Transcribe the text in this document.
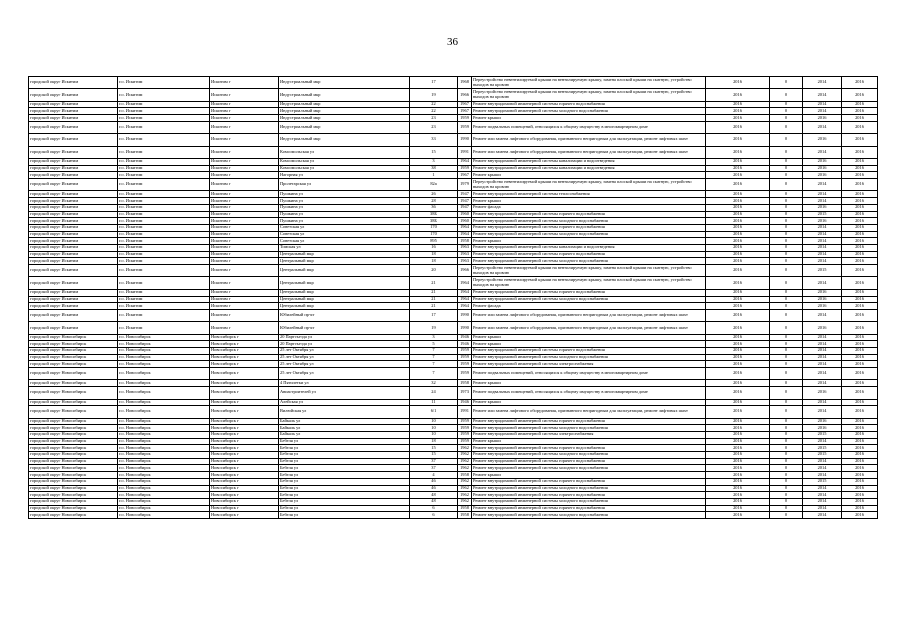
36
городской округ Искитим	г.о. Искитим	Искитим г	Индустриальный мкр	17	1968	Переустройство невентилируемой крыши на вентилируемую крышу, замена плоской крыши на скатную, устройство выходов на кровлю	2016	0	2014	2016
городской округ Искитим	г.о. Искитим	Искитим г	Индустриальный мкр	19	1966	Переустройство невентилируемой крыши на вентилируемую крышу, замена плоской крыши на скатную, устройство выходов на кровлю	2016	0	2014	2016
городской округ Искитим	г.о. Искитим	Искитим г	Индустриальный мкр	22	1967	Ремонт внутридомовой инженерной системы горячего водоснабжения	2016	0	2014	2016
городской округ Искитим	г.о. Искитим	Искитим г	Индустриальный мкр	22	1967	Ремонт внутридомовой инженерной системы холодного водоснабжения	2016	0	2014	2016
городской округ Искитим	г.о. Искитим	Искитим г	Индустриальный мкр	23	1959	Ремонт крыши	2016	0	2016	2016
городской округ Искитим	г.о. Искитим	Искитим г	Индустриальный мкр	23	1959	Ремонт подвальных помещений, относящихся к общему имуществу в многоквартирном доме	2016	0	2014	2016
городской округ Искитим	г.о. Искитим	Искитим г	Индустриальный мкр	33	1990	Ремонт или замена лифтового оборудования, признанного непригодным для эксплуатации, ремонт лифтовых шахт	2016	0	2016	2016
городской округ Искитим	г.о. Искитим	Искитим г	Комсомольская ул	15	1991	Ремонт или замена лифтового оборудования, признанного непригодным для эксплуатации, ремонт лифтовых шахт	2016	0	2014	2016
городской округ Искитим	г.о. Искитим	Искитим г	Комсомольская ул	3	1964	Ремонт внутридомовой инженерной системы канализации и водоотведения	2016	0	2016	2016
городской округ Искитим	г.о. Искитим	Искитим г	Комсомольская ул	38	1959	Ремонт внутридомовой инженерной системы канализации и водоотведения	2016	0	2016	2016
городской округ Искитим	г.о. Искитим	Искитим г	Нагорная ул	1	1967	Ремонт крыши	2016	0	2016	2016
городской округ Искитим	г.о. Искитим	Искитим г	Пролетарская ул	82а	1979	Переустройство невентилируемой крыши на вентилируемую крышу, замена плоской крыши на скатную, устройство выходов на кровлю	2016	0	2014	2016
городской округ Искитим	г.о. Искитим	Искитим г	Пушкина ул	26	1947	Ремонт внутридомовой инженерной системы теплоснабжения	2016	0	2014	2016
городской округ Искитим	г.о. Искитим	Искитим г	Пушкина ул	28	1947	Ремонт крыши	2016	0	2014	2016
городской округ Искитим	г.о. Искитим	Искитим г	Пушкина ул	36	1947	Ремонт фасада	2016	0	2016	2016
городской округ Искитим	г.о. Искитим	Искитим г	Пушкина ул	38Б	1960	Ремонт внутридомовой инженерной системы горячего водоснабжения	2016	0	2015	2016
городской округ Искитим	г.о. Искитим	Искитим г	Пушкина ул	38Б	1960	Ремонт внутридомовой инженерной системы холодного водоснабжения	2016	0	2016	2016
городской округ Искитим	г.о. Искитим	Искитим г	Советская ул	170	1964	Ремонт внутридомовой инженерной системы горячего водоснабжения	2016	0	2014	2016
городской округ Искитим	г.о. Искитим	Искитим г	Советская ул	170	1964	Ремонт внутридомовой инженерной системы холодного водоснабжения	2016	0	2014	2016
городской округ Искитим	г.о. Искитим	Искитим г	Советская ул	895	1958	Ремонт крыши	2016	0	2014	2016
городской округ Искитим	г.о. Искитим	Искитим г	Томская ул	16	1963	Ремонт внутридомовой инженерной системы канализации и водоотведения	2016	0	2014	2016
городской округ Искитим	г.о. Искитим	Искитим г	Центральный мкр	18	1963	Ремонт внутридомовой инженерной системы горячего водоснабжения	2016	0	2014	2016
городской округ Искитим	г.о. Искитим	Искитим г	Центральный мкр	18	1963	Ремонт внутридомовой инженерной системы холодного водоснабжения	2016	0	2014	2016
городской округ Искитим	г.о. Искитим	Искитим г	Центральный мкр	20	1966	Переустройство невентилируемой крыши на вентилируемую крышу, замена плоской крыши на скатную, устройство выходов на кровлю	2016	0	2015	2016
городской округ Искитим	г.о. Искитим	Искитим г	Центральный мкр	21	1964	Переустройство невентилируемой крыши на вентилируемую крышу, замена плоской крыши на скатную, устройство выходов на кровлю	2016	0	2014	2016
городской округ Искитим	г.о. Искитим	Искитим г	Центральный мкр	21	1964	Ремонт внутридомовой инженерной системы горячего водоснабжения	2016	0	2016	2016
городской округ Искитим	г.о. Искитим	Искитим г	Центральный мкр	21	1964	Ремонт внутридомовой инженерной системы холодного водоснабжения	2016	0	2016	2016
городской округ Искитим	г.о. Искитим	Искитим г	Центральный мкр	21	1964	Ремонт фасада	2016	0	2016	2016
городской округ Искитим	г.о. Искитим	Искитим г	Юбилейный пр-кт	17	1990	Ремонт или замена лифтового оборудования, признанного непригодным для эксплуатации, ремонт лифтовых шахт	2016	0	2014	2016
городской округ Искитим	г.о. Искитим	Искитим г	Юбилейный пр-кт	19	1990	Ремонт или замена лифтового оборудования, признанного непригодным для эксплуатации, ремонт лифтовых шахт	2016	0	2016	2016
городской округ Новосибирск	г.о. Новосибирск	Новосибирск г	20 Партсъезда ул	3	1946	Ремонт крыши	2016	0	2014	2016
городской округ Новосибирск	г.о. Новосибирск	Новосибирск г	20 Партсъезда ул	5	1946	Ремонт крыши	2016	0	2014	2016
городской округ Новосибирск	г.о. Новосибирск	Новосибирск г	25 лет Октября ул	7	1959	Ремонт внутридомовой инженерной системы горячего водоснабжения	2016	0	2014	2016
городской округ Новосибирск	г.о. Новосибирск	Новосибирск г	25 лет Октября ул	7	1959	Ремонт внутридомовой инженерной системы холодного водоснабжения	2016	0	2014	2016
городской округ Новосибирск	г.о. Новосибирск	Новосибирск г	25 лет Октября ул	7	1959	Ремонт внутридомовой инженерной системы электроснабжения	2016	0	2014	2016
городской округ Новосибирск	г.о. Новосибирск	Новосибирск г	25 лет Октября ул	7	1959	Ремонт подвальных помещений, относящихся к общему имуществу в многоквартирном доме	2016	0	2014	2016
городской округ Новосибирск	г.о. Новосибирск	Новосибирск г	4 Пятилетки ул	32	1958	Ремонт крыши	2016	0	2014	2016
городской округ Новосибирск	г.о. Новосибирск	Новосибирск г	Авиастроителей ул	24	1973	Ремонт подвальных помещений, относящихся к общему имуществу в многоквартирном доме	2016	0	2016	2016
городской округ Новосибирск	г.о. Новосибирск	Новосибирск г	Алейская ул	11	1946	Ремонт крыши	2016	0	2014	2016
городской округ Новосибирск	г.о. Новосибирск	Новосибирск г	Вилюйская ул	6/1	1991	Ремонт или замена лифтового оборудования, признанного непригодным для эксплуатации, ремонт лифтовых шахт	2016	0	2014	2016
городской округ Новосибирск	г.о. Новосибирск	Новосибирск г	Байкаль ул	10	1959	Ремонт внутридомовой инженерной системы горячего водоснабжения	2016	0	2016	2016
городской округ Новосибирск	г.о. Новосибирск	Новосибирск г	Байкаль ул	10	1959	Ремонт внутридомовой инженерной системы холодного водоснабжения	2016	0	2016	2016
городской округ Новосибирск	г.о. Новосибирск	Новосибирск г	Байкаль ул	10	1959	Ремонт внутридомовой инженерной системы электроснабжения	2016	0	2015	2016
городской округ Новосибирск	г.о. Новосибирск	Новосибирск г	Бебеля ул	18	1959	Ремонт крыши	2016	0	2014	2016
городской округ Новосибирск	г.о. Новосибирск	Новосибирск г	Бебеля ул	15	1962	Ремонт внутридомовой инженерной системы горячего водоснабжения	2016	0	2015	2016
городской округ Новосибирск	г.о. Новосибирск	Новосибирск г	Бебеля ул	15	1962	Ремонт внутридомовой инженерной системы холодного водоснабжения	2016	0	2015	2016
городской округ Новосибирск	г.о. Новосибирск	Новосибирск г	Бебеля ул	37	1962	Ремонт внутридомовой инженерной системы горячего водоснабжения	2016	0	2014	2016
городской округ Новосибирск	г.о. Новосибирск	Новосибирск г	Бебеля ул	37	1962	Ремонт внутридомовой инженерной системы холодного водоснабжения	2016	0	2014	2016
городской округ Новосибирск	г.о. Новосибирск	Новосибирск г	Бебеля ул	4	1958	Ремонт крыши	2016	0	2014	2016
городской округ Новосибирск	г.о. Новосибирск	Новосибирск г	Бебеля ул	46	1962	Ремонт внутридомовой инженерной системы горячего водоснабжения	2016	0	2015	2016
городской округ Новосибирск	г.о. Новосибирск	Новосибирск г	Бебеля ул	46	1962	Ремонт внутридомовой инженерной системы холодного водоснабжения	2016	0	2014	2016
городской округ Новосибирск	г.о. Новосибирск	Новосибирск г	Бебеля ул	48	1962	Ремонт внутридомовой инженерной системы горячего водоснабжения	2016	0	2014	2016
городской округ Новосибирск	г.о. Новосибирск	Новосибирск г	Бебеля ул	48	1962	Ремонт внутридомовой инженерной системы холодного водоснабжения	2016	0	2014	2016
городской округ Новосибирск	г.о. Новосибирск	Новосибирск г	Бебеля ул	6	1958	Ремонт внутридомовой инженерной системы горячего водоснабжения	2016	0	2014	2016
городской округ Новосибирск	г.о. Новосибирск	Новосибирск г	Бебеля ул	6	1958	Ремонт внутридомовой инженерной системы холодного водоснабжения	2016	0	2014	2016
